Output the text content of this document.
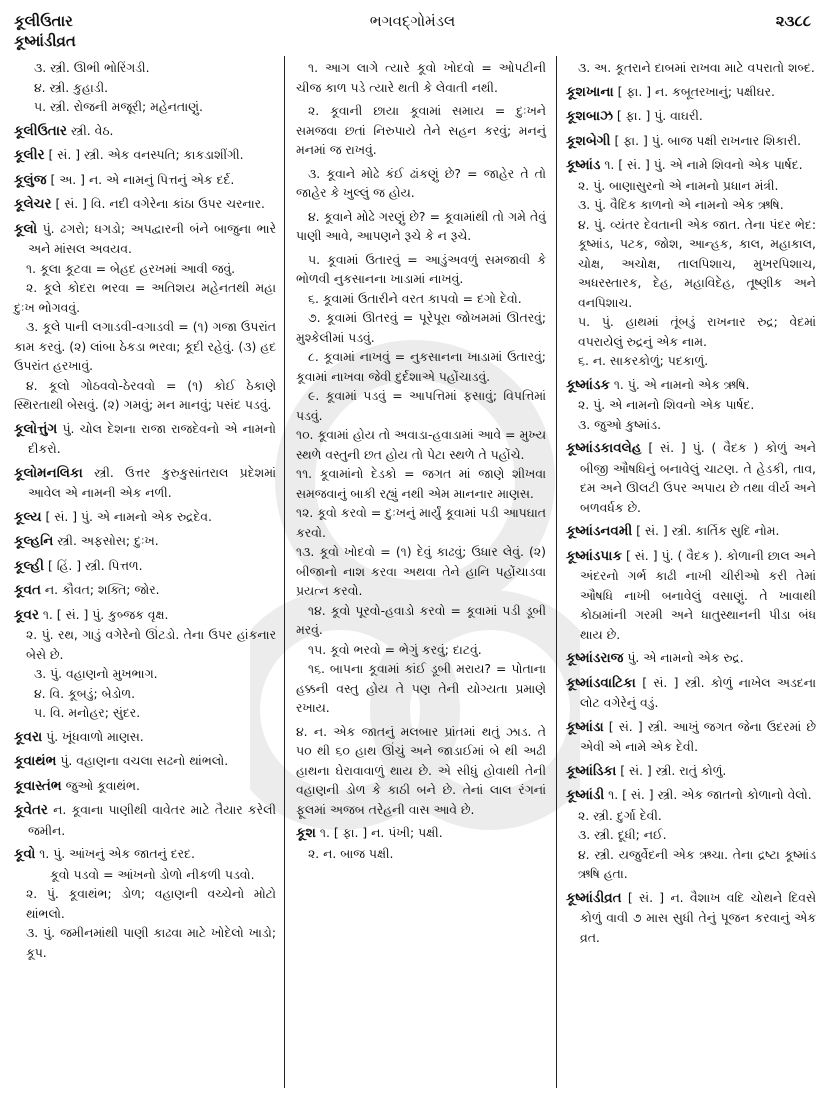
કૂલીઉતાર
કૂષ્માંડીવ્રત
ભગવદ્ગોમંડલ	૨૩૮૮

૩. સ્ત્રી. ઊભી ભોરિંગડી.

૪. સ્ત્રી. કુહાડી.

૫. સ્ત્રી. રોજની મજૂરી; મહેનતાણું.

કૂલીઉતાર સ્ત્રી. વેઠ.

કૂલીર [ સં. ] સ્ત્રી. એક વનસ્પતિ; કાકડાશીંગી.

કૂલુંજ [ અ. ] ન. એ નામનું પિત્તનું એક દર્દ.

કૂલેચર [ સં. ] વિ. નદી વગેરેના કાંઠા ઉપર ચરનાર.

કૂલો પું. ઢગરો; ધગડો; અપદ્વારની બંને બાજુના ભારે અને માંસલ અવયવ.

૧. કૂલા કૂટવા = બેહદ હરખમાં આવી જવું.

૨. કૂલે કોદરા ભરવા = અતિશય મહેનતથી મહા દુઃખ ભોગવવું.

૩. કૂલે પાની લગાડવી-વગાડવી = (૧) ગજા ઉપરાંત કામ કરવું. (૨) લાંબા ઠેકડા ભરવા; કૂદી રહેવું. (૩) હદ ઉપરાંત હરખાવું.

૪. કૂલો ગોઠવવો-ઠેરવવો = (૧) કોઈ ઠેકાણે સ્થિરતાથી બેસવું. (૨) ગમવું; મન માનવું; પસંદ પડવું.

કૂલોત્તુંગ પું. ચોલ દેશના રાજા રાજદેવનો એ નામનો દીકરો.

કૂલોમનલિકા સ્ત્રી. ઉત્તર કુરુકુસાંતરાલ પ્રદેશમાં આવેલ એ નામની એક નળી.

કૂલ્ય [ સં. ] પું. એ નામનો એક રુદ્રદેવ.

કૂલ્હનિ સ્ત્રી. અફસોસ; દુઃખ.

કૂલ્હી [ હિં. ] સ્ત્રી. પિત્તળ.

કૂવત ન. કૌવત; શક્તિ; જોર.

કૂવર ૧. [ સં. ] પું. કુબ્જક વૃક્ષ.

૨. પું. રથ, ગાડું વગેરેનો ઊંટડો. તેના ઉપર હાંકનાર બેસે છે.

૩. પું. વહાણનો મુખભાગ.

૪. વિ. કૂબડું; બેડોળ.

૫. વિ. મનોહર; સુંદર.

કૂવરા પું. ખૂંધવાળો માણસ.

કૂવાથંભ પું. વહાણના વચલા સઢનો થાંભલો.

કૂવાસ્તંભ જુઓ કૂવાથંભ.

કૂવેતર ન. કૂવાના પાણીથી વાવેતર માટે તૈયાર કરેલી જમીન.

કૂવો ૧. પું. આંખનું એક જાતનું દરદ.

કૂવો પડવો = આંખનો ડોળો નીકળી પડવો.

૨. પું. કૂવાથંભ; ડોળ; વહાણની વચ્ચેનો મોટો થાંભલો.

૩. પું. જમીનમાંથી પાણી કાઢવા માટે ખોદેલો ખાડો; કૂપ.

૧. આગ લાગે ત્યારે કૂવો ખોદવો = ઓપટીની ચીજ કાળ પડે ત્યારે થતી કે લેવાતી નથી.

૨. કૂવાની છાયા કૂવામાં સમાય = દુઃખને સમજવા છતાં નિરુપાયે તેને સહન કરવું; મનનું મનમાં જ રાખવું.

૩. કૂવાને મોઢે કંઈ ઢાંકણું છે? = જાહેર તે તો જાહેર કે ખુલ્લું જ હોય.

૪. કૂવાને મોઢે ગરણું છે? = કૂવામાંથી તો ગમે તેવું પાણી આવે, આપણને રૂચે કે ન રૂચે.

૫. કૂવામાં ઉતારવું = આડુંઅવળું સમજાવી કે ભોળવી નુકસાનના ખાડામાં નાખવું.

૬. કૂવામાં ઉતારીને વરત કાપવો = દગો દેવો.

૭. કૂવામાં ઊતરવું = પૂરેપૂરા જોખમમાં ઊતરવું; મુશ્કેલીમાં પડવું.

૮. કૂવામાં નાખવું = નુકસાનના ખાડામાં ઉતારવું; કૂવામાં નાખવા જેવી દુર્દશાએ પહોંચાડવું.

૯. કૂવામાં પડવું = આપત્તિમાં ફસાવું; વિપત્તિમાં પડવું.

૧૦. કૂવામાં હોય તો અવાડા-હવાડામાં આવે = મુખ્ય સ્થળે વસ્તુની છત હોય તો પેટા સ્થળે તે પહોંચે.

૧૧. કૂવામાંનો દેડકો = જગત માં જાણે શીખવા સમજવાનું બાકી રહ્યું નથી એમ માનનાર માણસ.

૧૨. કૂવો કરવો = દુઃખનું માર્યું કૂવામાં પડી આપઘાત કરવો.

૧૩. કૂવો ખોદવો = (૧) દેવું કાઢવું; ઉધાર લેવું. (૨) બીજાનો નાશ કરવા અથવા તેને હાનિ પહોંચાડવા પ્રયત્ન કરવો.

૧૪. કૂવો પૂરવો-હવાડો કરવો = કૂવામાં પડી ડૂબી મરવું.

૧૫. કૂવો ભરવો = ભેગું કરવું; દાટવું.

૧૬. બાપના કૂવામાં કાંઈ ડૂબી મરાય? = પોતાના હક્કની વસ્તુ હોય તે પણ તેની યોગ્યતા પ્રમાણે રખાય.

૪. ન. એક જાતનું મલબાર પ્રાંતમાં થતું ઝાડ. તે ૫૦ થી ૬૦ હાથ ઊંચું અને જાડાઈમાં બે થી અઢી હાથના ઘેરાવાવાળું થાય છે. એ સીધું હોવાથી તેની વહાણની ડોળ કે કાઠી બને છે. તેનાં લાલ રંગનાં ફૂલમાં અજબ તરેહની વાસ આવે છે.

કૂશ ૧. [ ફા. ] ન. પંખી; પક્ષી.

૨. ન. બાજ પક્ષી.

૩. અ. કૂતરાને દાબમાં રાખવા માટે વપરાતો શબ્દ.

કૂશખાના [ ફા. ] ન. કબૂતરખાનું; પક્ષીઘર.

કૂશબાઝ [ ફા. ] પું. વાઘરી.

કૂશબેગી [ ફા. ] પું. બાજ પક્ષી રાખનાર શિકારી.

કૂષ્માંડ ૧. [ સં. ] પું. એ નામે શિવનો એક પાર્ષદ.

૨. પું. બાણાસુરનો એ નામનો પ્રધાન મંત્રી.

૩. પું. વૈદિક કાળનો એ નામનો એક ઋષિ.

૪. પું. વ્યંતર દેવતાની એક જાત. તેના પંદર ભેદ: કૂષ્માંડ, પટક, જોશ, આન્હક, કાલ, મહાકાલ, ચોક્ષ, અચોક્ષ, તાલપિશાચ, મુખરપિશાચ, અધરસ્તારક, દેહ, મહાવિદેહ, તૂષ્ણીક અને વનપિશાચ.

૫. પું. હાથમાં તૂંબડું રાખનાર રુદ્ર; વેદમાં વપરાયેલું રુદ્રનું એક નામ.

૬. ન. સાકરકોળું; પદકાળું.

કૂષ્માંડક ૧. પું. એ નામનો એક ઋષિ.

૨. પું. એ નામનો શિવનો એક પાર્ષદ.

૩. જુઓ કુષ્માંડ.

કૂષ્માંડકાવલેહ [ સં. ] પું. ( વૈદક ) કોળું અને બીજી ઔષધિનું બનાવેલું ચાટણ. તે હેડકી, તાવ, દમ અને ઊલટી ઉપર અપાય છે તથા વીર્ય અને બળવર્ધક છે.

કૂષ્માંડનવમી [ સં. ] સ્ત્રી. કાર્તિક સુદિ નોમ.

કૂષ્માંડપાક [ સં. ] પું. ( વૈદક ). કોળાની છાલ અને અંદરનો ગર્ભ કાઢી નાખી ચીરીઓ કરી તેમાં ઔષધિ નાખી બનાવેલું વસાણું. તે ખાવાથી કોઠામાંની ગરમી અને ધાતુસ્થાનની પીડા બંધ થાય છે.

કૂષ્માંડરાજ પું. એ નામનો એક રુદ્ર.

કૂષ્માંડવાટિકા [ સં. ] સ્ત્રી. કોળું નાખેલ અડદના લોટ વગેરેનું વડું.

કૂષ્માંડા [ સં. ] સ્ત્રી. આખું જગત જેના ઉદરમાં છે એવી એ નામે એક દેવી.

કૂષ્માંડિકા [ સં. ] સ્ત્રી. રાતું કોળું.

કૂષ્માંડી ૧. [ સં. ] સ્ત્રી. એક જાતનો કોળાનો વેલો.

૨. સ્ત્રી. દુર્ગા દેવી.

૩. સ્ત્રી. દૂધી; નઈ.

૪. સ્ત્રી. યજુર્વેદની એક ઋચા. તેના દ્રષ્ટા કૂષ્માંડ ઋષિ હતા.

કૂષ્માંડીવ્રત [ સં. ] ન. વૈશાખ વદિ ચોથને દિવસે કોળું વાવી ૭ માસ સુધી તેનું પૂજન કરવાનું એક વ્રત.
